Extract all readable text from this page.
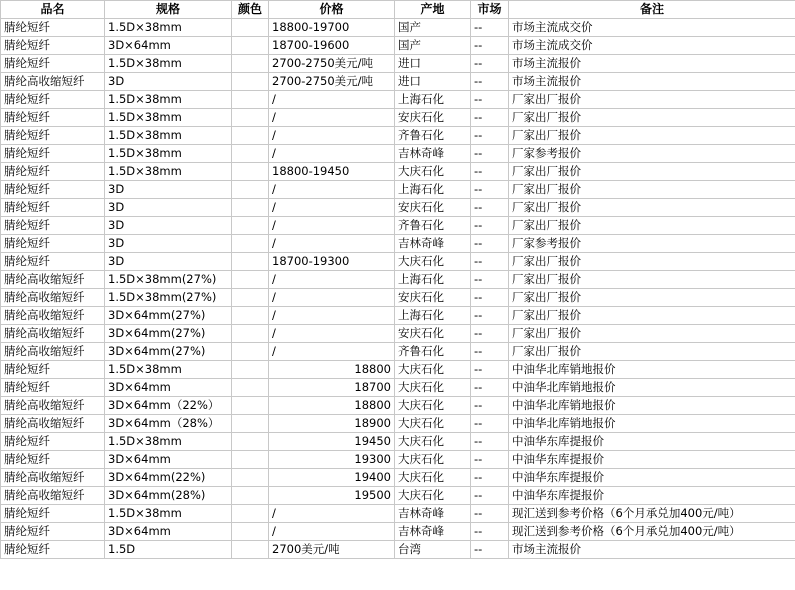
品名	规格	颜色	价格	产地	市场	备注
腈纶短纤	1.5D×38mm		18800-19700	国产	--	市场主流成交价
腈纶短纤	3D×64mm		18700-19600	国产	--	市场主流成交价
腈纶短纤	1.5D×38mm		2700-2750美元/吨	进口	--	市场主流报价
腈纶高收缩短纤	3D		2700-2750美元/吨	进口	--	市场主流报价
腈纶短纤	1.5D×38mm		/	上海石化	--	厂家出厂报价
腈纶短纤	1.5D×38mm		/	安庆石化	--	厂家出厂报价
腈纶短纤	1.5D×38mm		/	齐鲁石化	--	厂家出厂报价
腈纶短纤	1.5D×38mm		/	吉林奇峰	--	厂家参考报价
腈纶短纤	1.5D×38mm		18800-19450	大庆石化	--	厂家出厂报价
腈纶短纤	3D		/	上海石化	--	厂家出厂报价
腈纶短纤	3D		/	安庆石化	--	厂家出厂报价
腈纶短纤	3D		/	齐鲁石化	--	厂家出厂报价
腈纶短纤	3D		/	吉林奇峰	--	厂家参考报价
腈纶短纤	3D		18700-19300	大庆石化	--	厂家出厂报价
腈纶高收缩短纤	1.5D×38mm(27%)		/	上海石化	--	厂家出厂报价
腈纶高收缩短纤	1.5D×38mm(27%)		/	安庆石化	--	厂家出厂报价
腈纶高收缩短纤	3D×64mm(27%)		/	上海石化	--	厂家出厂报价
腈纶高收缩短纤	3D×64mm(27%)		/	安庆石化	--	厂家出厂报价
腈纶高收缩短纤	3D×64mm(27%)		/	齐鲁石化	--	厂家出厂报价
腈纶短纤	1.5D×38mm		18800	大庆石化	--	中油华北库销地报价
腈纶短纤	3D×64mm		18700	大庆石化	--	中油华北库销地报价
腈纶高收缩短纤	3D×64mm（22%）		18800	大庆石化	--	中油华北库销地报价
腈纶高收缩短纤	3D×64mm（28%）		18900	大庆石化	--	中油华北库销地报价
腈纶短纤	1.5D×38mm		19450	大庆石化	--	中油华东库提报价
腈纶短纤	3D×64mm		19300	大庆石化	--	中油华东库提报价
腈纶高收缩短纤	3D×64mm(22%)		19400	大庆石化	--	中油华东库提报价
腈纶高收缩短纤	3D×64mm(28%)		19500	大庆石化	--	中油华东库提报价
腈纶短纤	1.5D×38mm		/	吉林奇峰	--	现汇送到参考价格（6个月承兑加400元/吨）
腈纶短纤	3D×64mm		/	吉林奇峰	--	现汇送到参考价格（6个月承兑加400元/吨）
腈纶短纤	1.5D		2700美元/吨	台湾	--	市场主流报价
